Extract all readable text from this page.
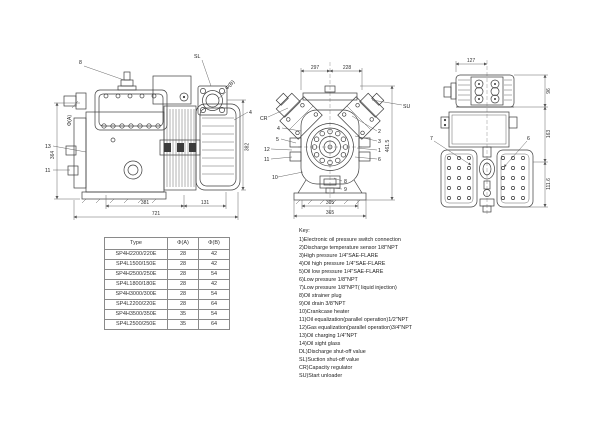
364
382
381	131
721
8
SL
Φ(B)
4
Φ(A)
13
11
297	228
461.5
305
365
CR
SU
4
5
12
11
10
2
3
1
6
8
9
127
96
163
111.6
7	6
Type	Φ(A)	Φ(B)
SP4H2200/220E	28	42
SP4L1500/150E	28	42
SP4H2500/250E	28	54
SP4L1800/180E	28	42
SP4H3000/300E	28	54
SP4L2200/220E	28	64
SP4H3500/350E	35	54
SP4L2500/250E	35	64
Key:
1)Electronic oil pressure switch connection
2)Discharge temperature sensor 1/8"NPT
3)High pressure 1/4"SAE-FLARE
4)Oil high pressure 1/4"SAE-FLARE
5)Oil low pressure 1/4"SAE-FLARE
6)Low pressure 1/8"NPT
7)Low pressure 1/8"NPT( liquid injection)
8)Oil strainer plug
9)Oil drain 3/8"NPT
10)Crankcase heater
11)Oil equalization(parallel operation)1/2"NPT
12)Gas equalization(parallel operation)3/4"NPT
13)Oil charging 1/4"NPT
14)Oil sight glass
DL)Discharge shut-off value
SL)Suction shut-off value
CR)Capacity regulator
SU)Start unloader
